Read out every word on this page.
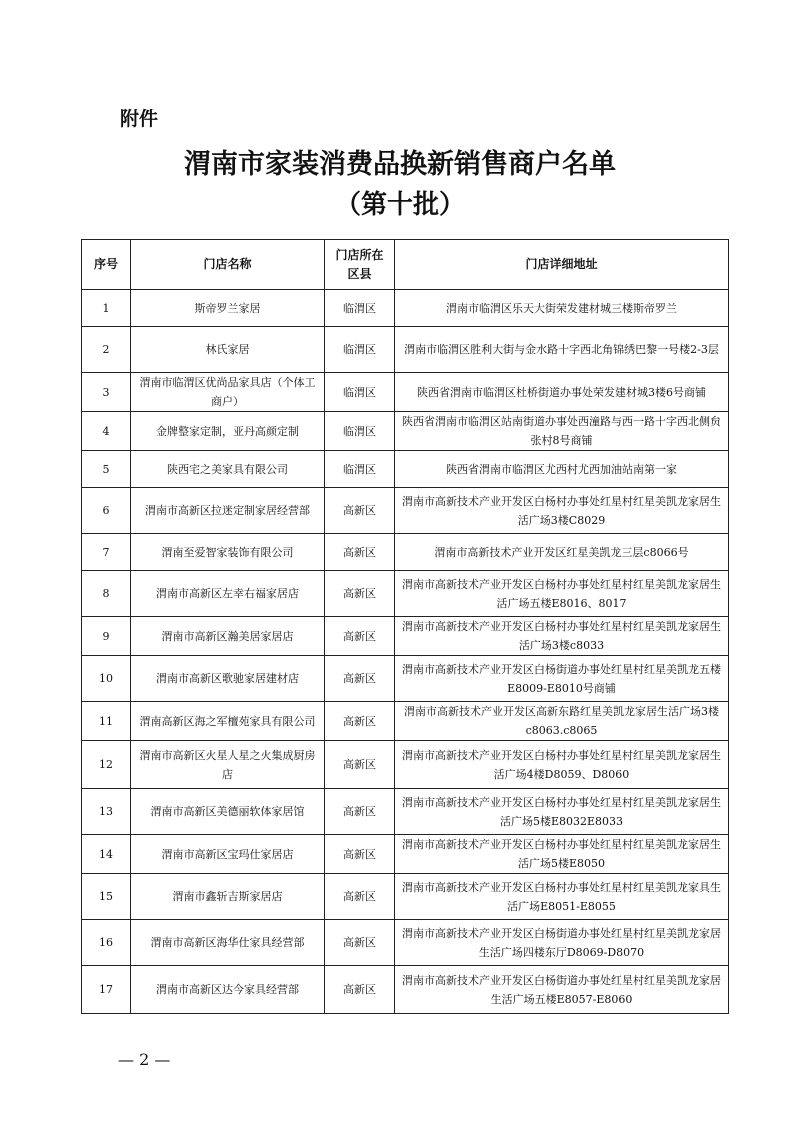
附件
渭南市家装消费品换新销售商户名单
（第十批）
序号	门店名称	门店所在区县	门店详细地址
1	斯帝罗兰家居	临渭区	渭南市临渭区乐天大街荣发建材城三楼斯帝罗兰
2	林氏家居	临渭区	渭南市临渭区胜利大街与金水路十字西北角锦绣巴黎一号楼2-3层
3	渭南市临渭区优尚品家具店（个体工商户）	临渭区	陕西省渭南市临渭区杜桥街道办事处荣发建材城3楼6号商铺
4	金牌整家定制，亚丹高颜定制	临渭区	陕西省渭南市临渭区站南街道办事处西潼路与西一路十字西北侧贠张村8号商铺
5	陕西宅之美家具有限公司	临渭区	陕西省渭南市临渭区尤西村尤西加油站南第一家
6	渭南市高新区拉迷定制家居经营部	高新区	渭南市高新技术产业开发区白杨村办事处红星村红星美凯龙家居生活广场3楼C8029
7	渭南至爱智家装饰有限公司	高新区	渭南市高新技术产业开发区红星美凯龙三层c8066号
8	渭南市高新区左幸右福家居店	高新区	渭南市高新技术产业开发区白杨村办事处红星村红星美凯龙家居生活广场五楼E8016、8017
9	渭南市高新区瀚美居家居店	高新区	渭南市高新技术产业开发区白杨村办事处红星村红星美凯龙家居生活广场3楼c8033
10	渭南市高新区歌驰家居建材店	高新区	渭南市高新技术产业开发区白杨街道办事处红星村红星美凯龙五楼E8009-E8010号商铺
11	渭南高新区海之军檀苑家具有限公司	高新区	渭南市高新技术产业开发区高新东路红星美凯龙家居生活广场3楼c8063.c8065
12	渭南市高新区火星人星之火集成厨房店	高新区	渭南市高新技术产业开发区白杨村办事处红星村红星美凯龙家居生活广场4楼D8059、D8060
13	渭南市高新区美德丽软体家居馆	高新区	渭南市高新技术产业开发区白杨村办事处红星村红星美凯龙家居生活广场5楼E8032E8033
14	渭南市高新区宝玛仕家居店	高新区	渭南市高新技术产业开发区白杨村办事处红星村红星美凯龙家居生活广场5楼E8050
15	渭南市鑫斩吉斯家居店	高新区	渭南市高新技术产业开发区白杨村办事处红星村红星美凯龙家具生活广场E8051-E8055
16	渭南市高新区海华仕家具经营部	高新区	渭南市高新技术产业开发区白杨街道办事处红星村红星美凯龙家居生活广场四楼东厅D8069-D8070
17	渭南市高新区达今家具经营部	高新区	渭南市高新技术产业开发区白杨街道办事处红星村红星美凯龙家居生活广场五楼E8057-E8060
— 2 —
